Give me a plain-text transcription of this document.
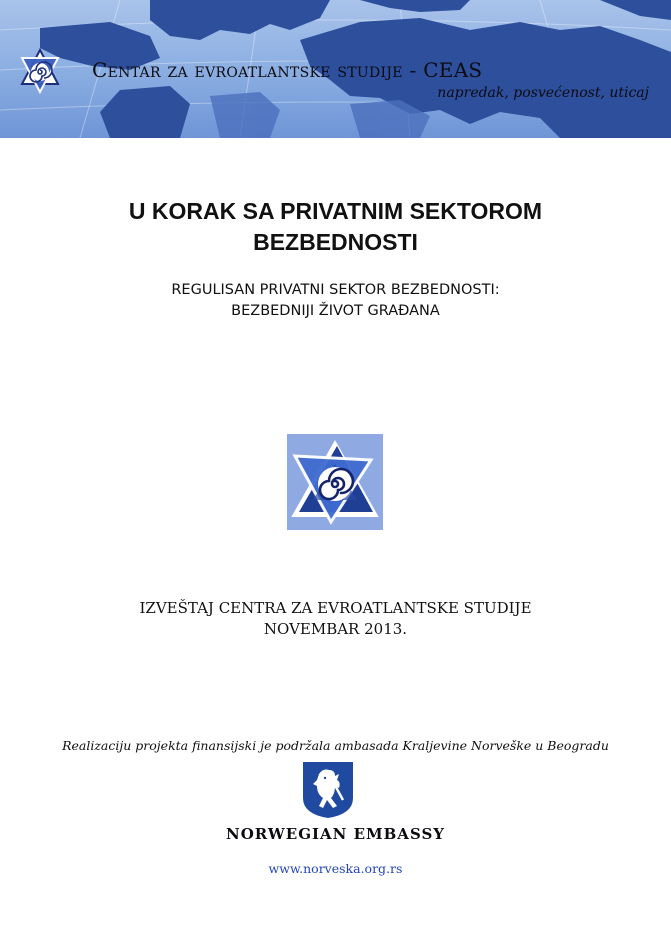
Centar za evroatlantske studije - CEAS
napredak, posvećenost, uticaj
U KORAK SA PRIVATNIM SEKTOROM
BEZBEDNOSTI
REGULISAN PRIVATNI SEKTOR BEZBEDNOSTI:
BEZBEDNIJI ŽIVOT GRAĐANA
IZVEŠTAJ CENTRA ZA EVROATLANTSKE STUDIJE
NOVEMBAR 2013.
Realizaciju projekta finansijski je podržala ambasada Kraljevine Norveške u Beogradu
NORWEGIAN EMBASSY
www.norveska.org.rs
